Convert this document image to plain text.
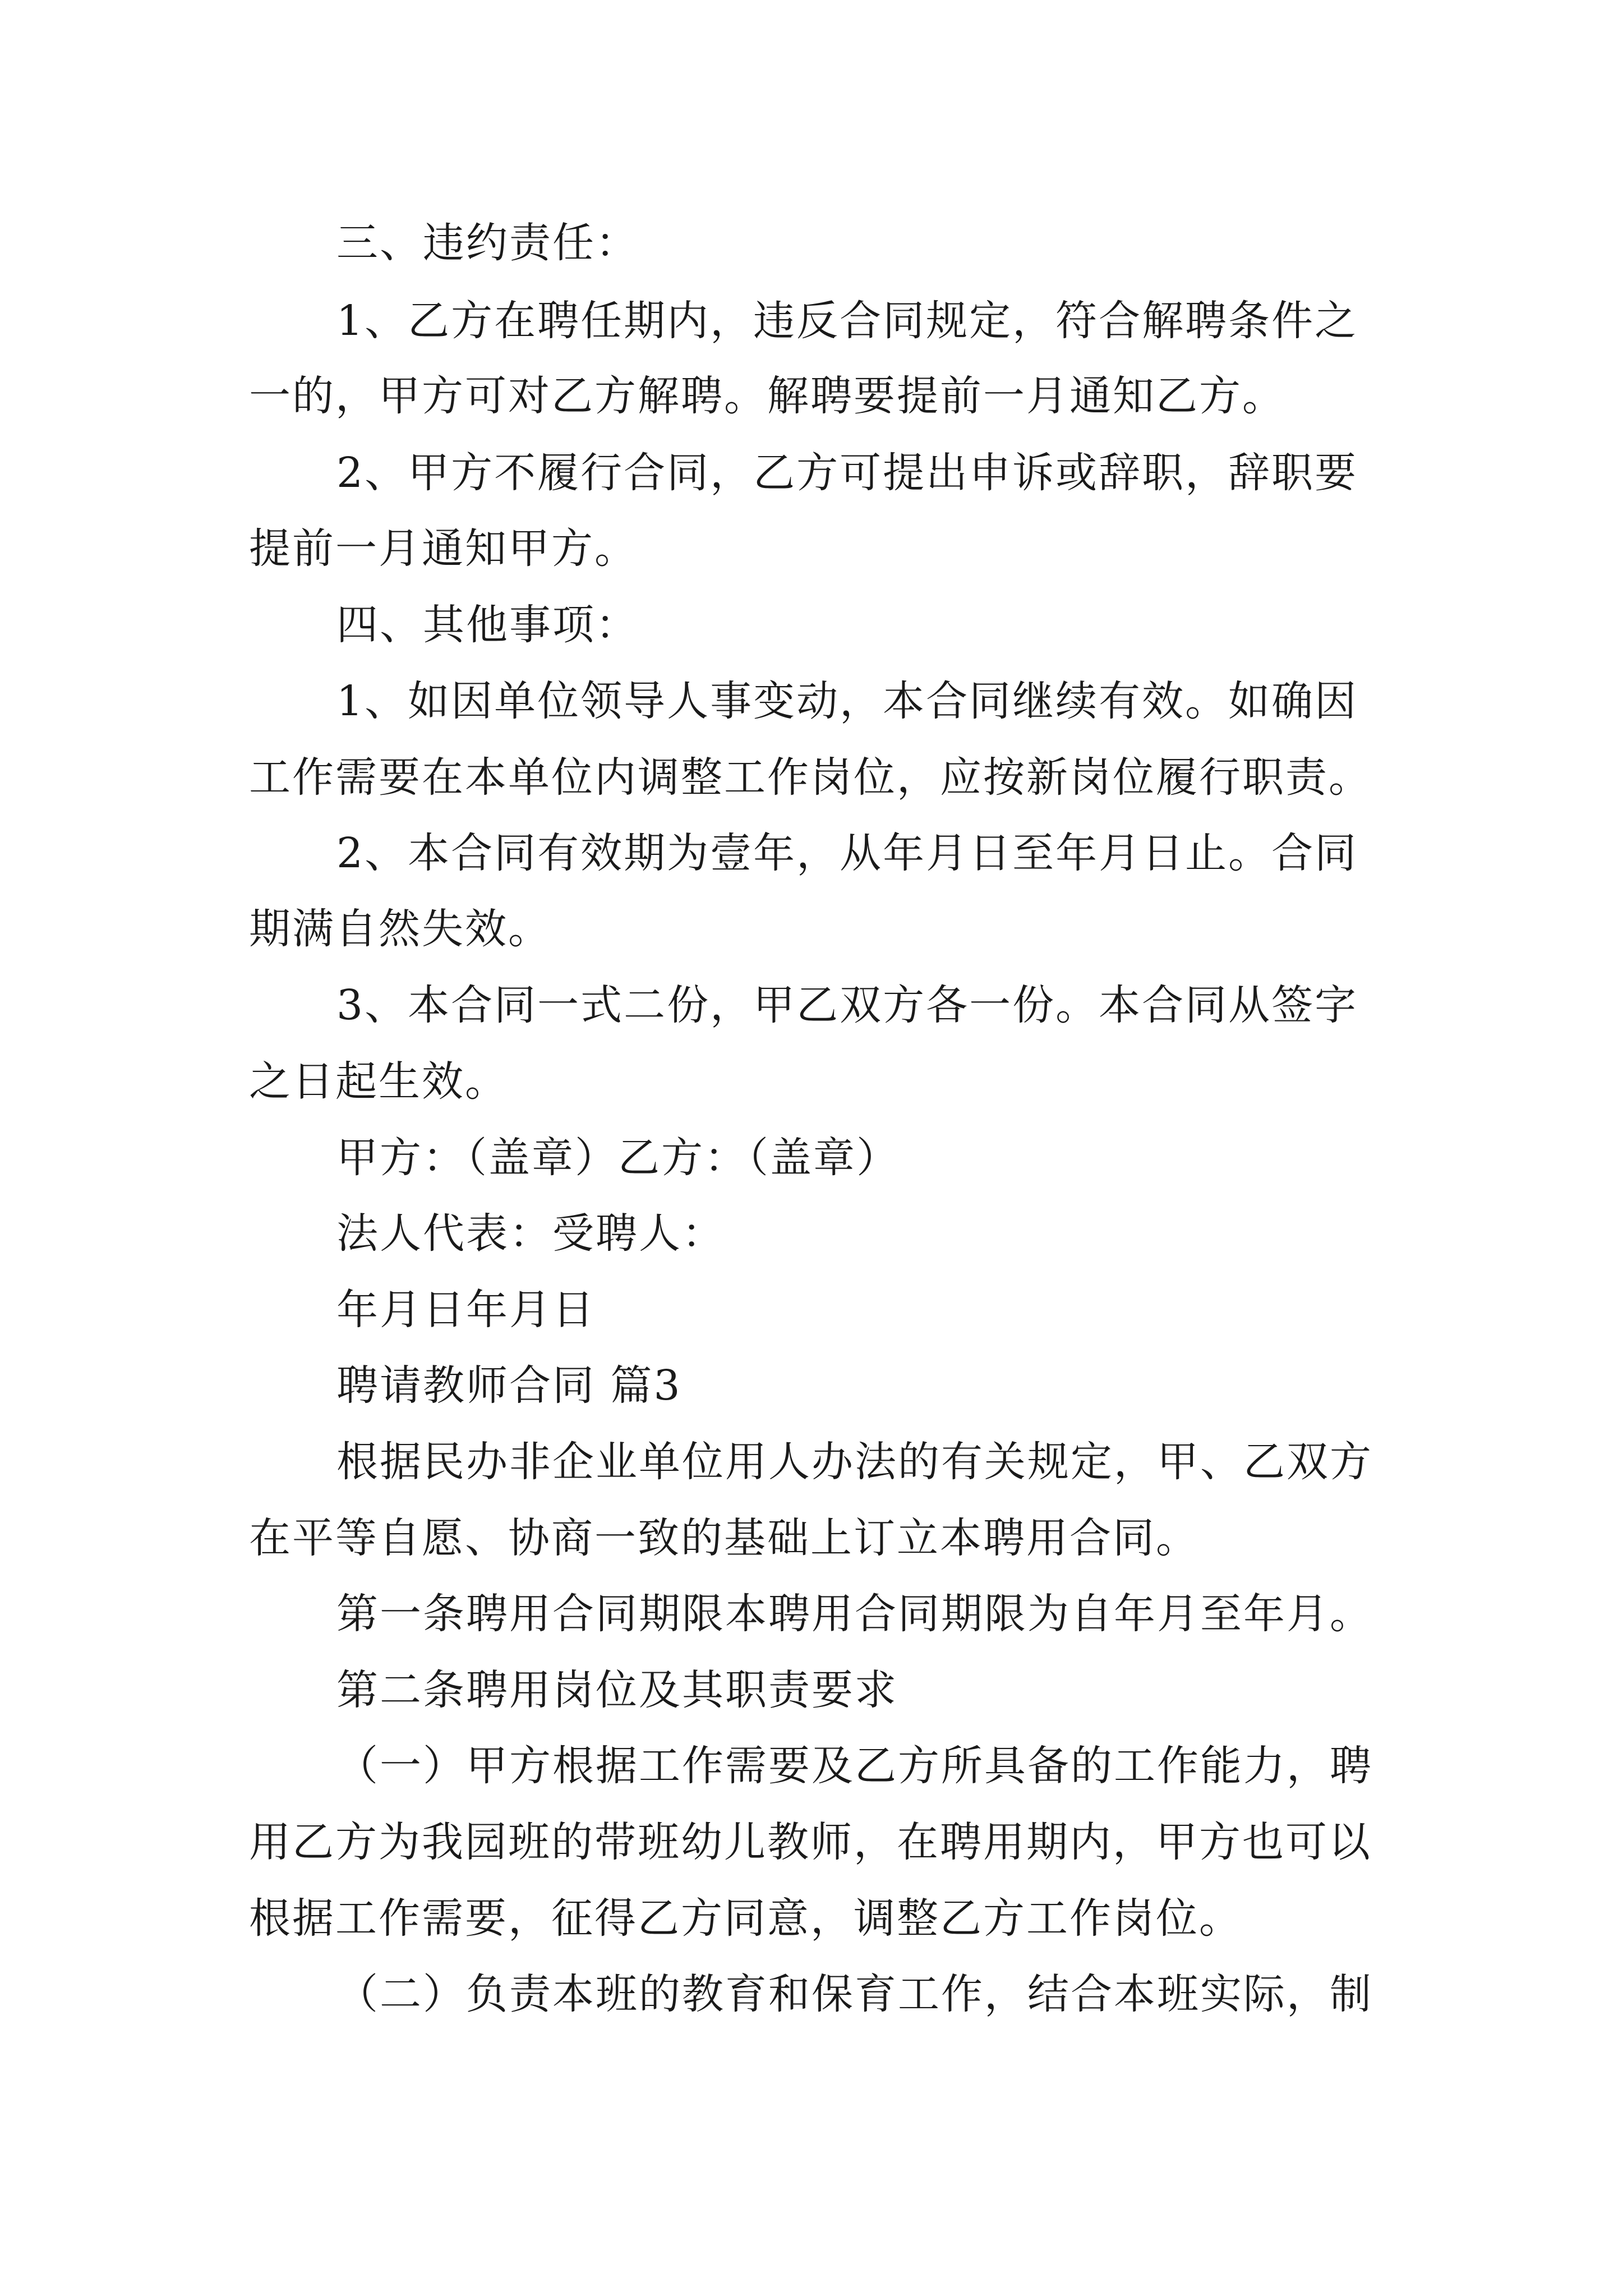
三、违约责任：
1、乙方在聘任期内，违反合同规定，符合解聘条件之
一的，甲方可对乙方解聘。解聘要提前一月通知乙方。
2、甲方不履行合同，乙方可提出申诉或辞职，辞职要
提前一月通知甲方。
四、其他事项：
1、如因单位领导人事变动，本合同继续有效。如确因
工作需要在本单位内调整工作岗位，应按新岗位履行职责。
2、本合同有效期为壹年，从年月日至年月日止。合同
期满自然失效。
3、本合同一式二份，甲乙双方各一份。本合同从签字
之日起生效。
甲方：（盖章）乙方：（盖章）
法人代表：受聘人：
年月日年月日
聘请教师合同 篇3
根据民办非企业单位用人办法的有关规定，甲、乙双方
在平等自愿、协商一致的基础上订立本聘用合同。
第一条聘用合同期限本聘用合同期限为自年月至年月。
第二条聘用岗位及其职责要求
（一）甲方根据工作需要及乙方所具备的工作能力，聘
用乙方为我园班的带班幼儿教师，在聘用期内，甲方也可以
根据工作需要，征得乙方同意，调整乙方工作岗位。
（二）负责本班的教育和保育工作，结合本班实际，制
